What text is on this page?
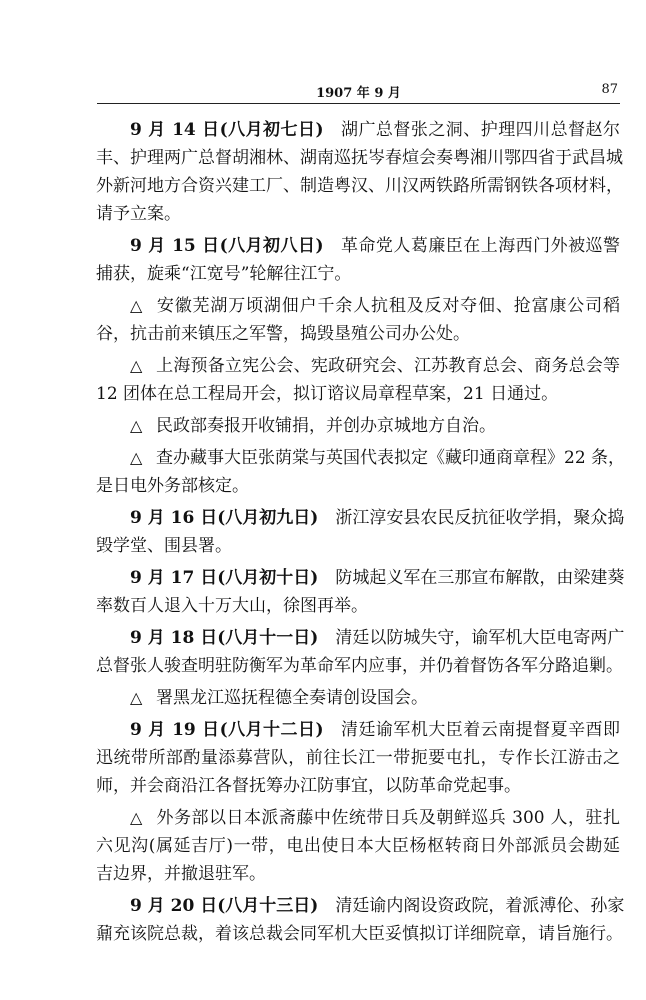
1907 年 9 月	87
9 月 14 日(八月初七日)  湖广总督张之洞、护理四川总督赵尔
丰、护理两广总督胡湘林、湖南巡抚岑春煊会奏粤湘川鄂四省于武昌城
外新河地方合资兴建工厂、制造粤汉、川汉两铁路所需钢铁各项材料，
请予立案。
9 月 15 日(八月初八日)  革命党人葛廉臣在上海西门外被巡警
捕获，旋乘“江宽号”轮解往江宁。
△ 安徽芜湖万顷湖佃户千余人抗租及反对夺佃、抢富康公司稻
谷，抗击前来镇压之军警，捣毁垦殖公司办公处。
△ 上海预备立宪公会、宪政研究会、江苏教育总会、商务总会等
12 团体在总工程局开会，拟订谘议局章程草案，21 日通过。
△ 民政部奏报开收铺捐，并创办京城地方自治。
△ 查办藏事大臣张荫棠与英国代表拟定《藏印通商章程》22 条，
是日电外务部核定。
9 月 16 日(八月初九日)  浙江淳安县农民反抗征收学捐，聚众捣
毁学堂、围县署。
9 月 17 日(八月初十日)  防城起义军在三那宣布解散，由梁建葵
率数百人退入十万大山，徐图再举。
9 月 18 日(八月十一日)  清廷以防城失守，谕军机大臣电寄两广
总督张人骏查明驻防衡军为革命军内应事，并仍着督饬各军分路追剿。
△ 署黑龙江巡抚程德全奏请创设国会。
9 月 19 日(八月十二日)  清廷谕军机大臣着云南提督夏辛酉即
迅统带所部酌量添募营队，前往长江一带扼要屯扎，专作长江游击之
师，并会商沿江各督抚筹办江防事宜，以防革命党起事。
△ 外务部以日本派斋藤中佐统带日兵及朝鲜巡兵 300 人，驻扎
六见沟(属延吉厅)一带，电出使日本大臣杨枢转商日外部派员会勘延
吉边界，并撤退驻军。
9 月 20 日(八月十三日)  清廷谕内阁设资政院，着派溥伦、孙家
鼐充该院总裁，着该总裁会同军机大臣妥慎拟订详细院章，请旨施行。
